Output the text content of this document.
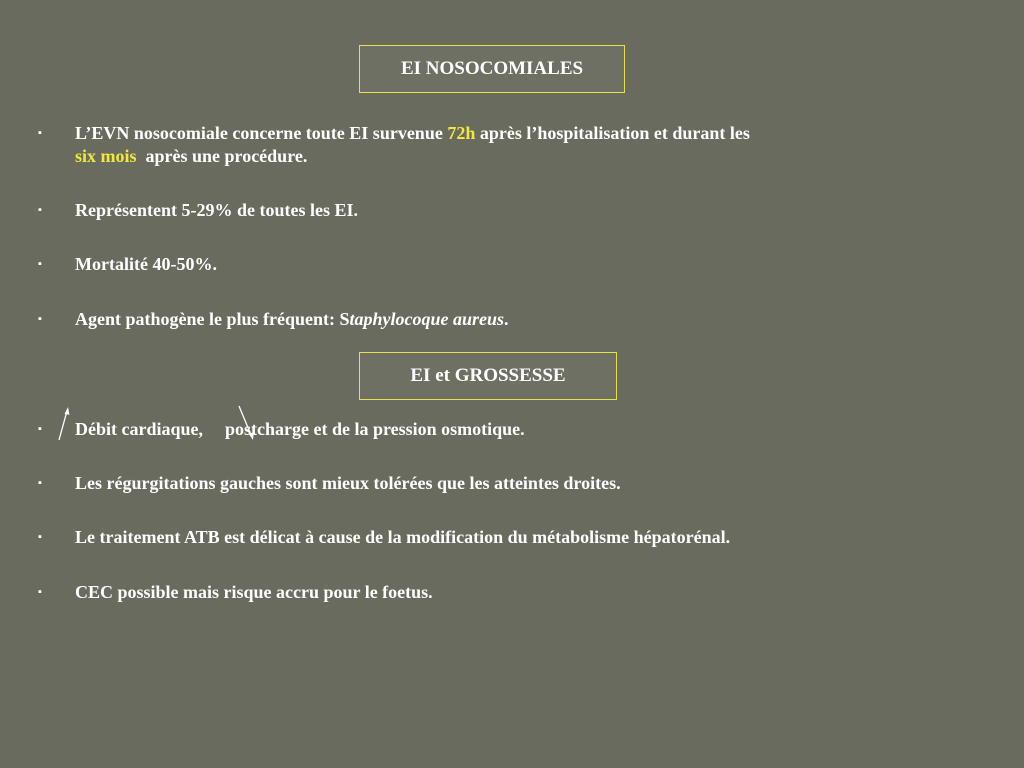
EI NOSOCOMIALES
▪ L’EVN nosocomiale concerne toute EI survenue 72h après l’hospitalisation et durant les
six mois  après une procédure.
▪ Représentent 5-29% de toutes les EI.
▪ Mortalité 40-50%.
▪ Agent pathogène le plus fréquent: Staphylocoque aureus.
EI et GROSSESSE
▪ Débit cardiaque, postcharge et de la pression osmotique.
▪ Les régurgitations gauches sont mieux tolérées que les atteintes droites.
▪ Le traitement ATB est délicat à cause de la modification du métabolisme hépatorénal.
▪ CEC possible mais risque accru pour le foetus.
